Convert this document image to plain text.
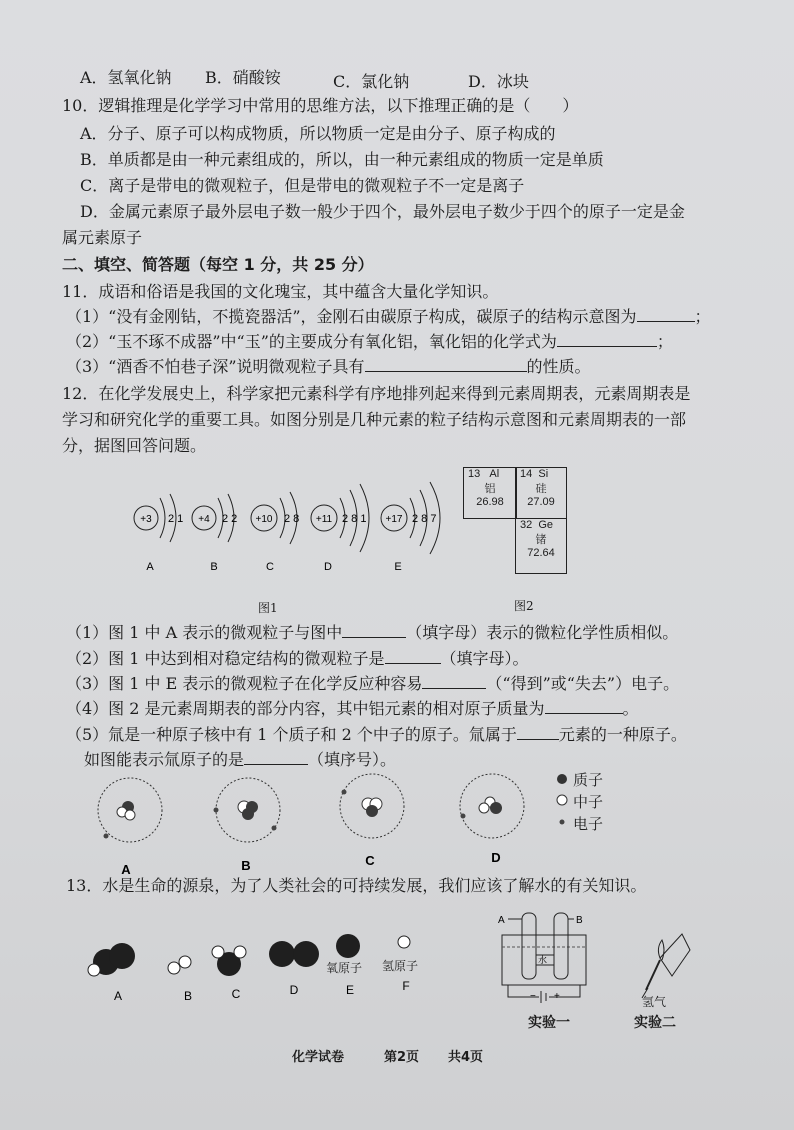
A．氢氧化钠 B．硝酸铵	C．氯化钠	D．冰块
10．逻辑推理是化学学习中常用的思维方法，以下推理正确的是（　　）
A．分子、原子可以构成物质，所以物质一定是由分子、原子构成的
B．单质都是由一种元素组成的，所以，由一种元素组成的物质一定是单质
C．离子是带电的微观粒子，但是带电的微观粒子不一定是离子
D．金属元素原子最外层电子数一般少于四个，最外层电子数少于四个的原子一定是金
属元素原子
二、填空、简答题（每空 1 分，共 25 分）
11．成语和俗语是我国的文化瑰宝，其中蕴含大量化学知识。
（1）“没有金刚钻，不揽瓷器活”，金刚石由碳原子构成，碳原子的结构示意图为	；
（2）“玉不琢不成器”中“玉”的主要成分有氧化铝，氧化铝的化学式为	；
（3）“酒香不怕巷子深”说明微观粒子具有	的性质。
12．在化学发展史上，科学家把元素科学有序地排列起来得到元素周期表，元素周期表是
学习和研究化学的重要工具。如图分别是几种元素的粒子结构示意图和元素周期表的一部
分，据图回答问题。
+3 2 1
A
+4 2 2
B
+10 2 8
C
+11 2 8 1
D
+17 2 8 7
E
图1
13 Al
铝
26.98
14 Si
硅
27.09
32 Ge
锗
72.64
图2
（1）图 1 中 A 表示的微观粒子与图中	（填字母）表示的微粒化学性质相似。
（2）图 1 中达到相对稳定结构的微观粒子是	（填字母）。
（3）图 1 中 E 表示的微观粒子在化学反应种容易	（“得到”或“失去”）电子。
（4）图 2 是元素周期表的部分内容，其中铝元素的相对原子质量为	。
（5）氚是一种原子核中有 1 个质子和 2 个中子的原子。氚属于	元素的一种原子。
如图能表示氚原子的是	（填序号）。
A	B	C	D
质子
中子
电子
13．水是生命的源泉，为了人类社会的可持续发展，我们应该了解水的有关知识。
A	B	C	D	E	F
氧原子 氢原子
A	B
水
− +
实验一
氢气
实验二
化学试卷	第2页 共4页
